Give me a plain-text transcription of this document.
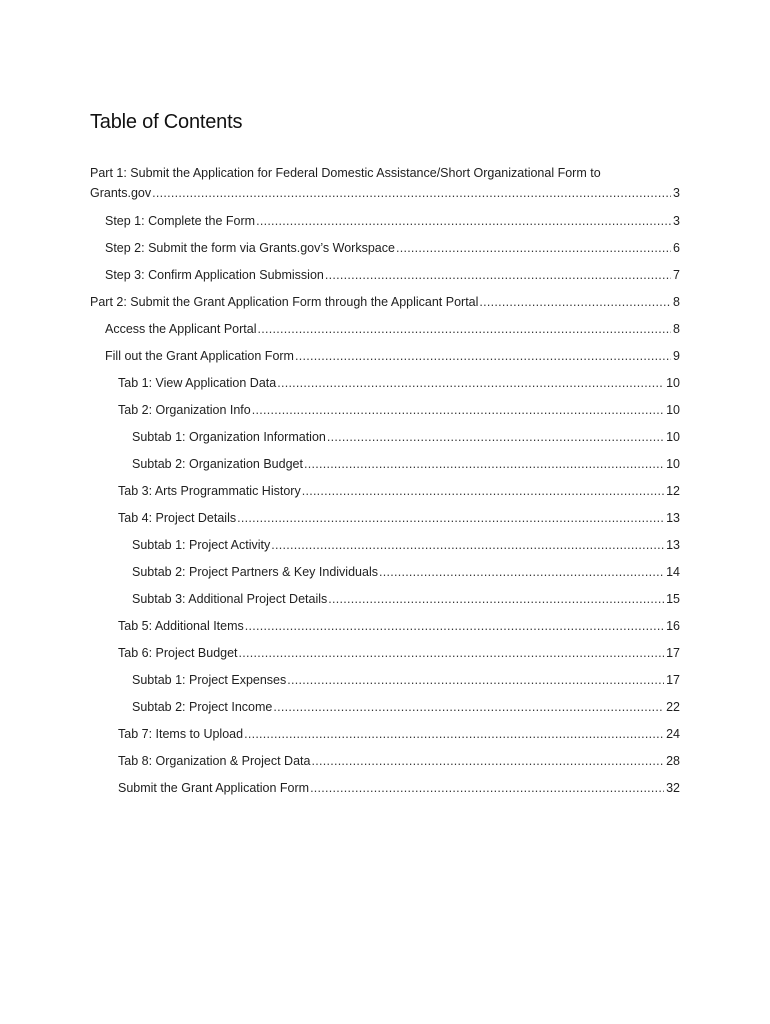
Table of Contents
Part 1: Submit the Application for Federal Domestic Assistance/Short Organizational Form to
Grants.gov . . .	3
Step 1: Complete the Form . . .	3
Step 2: Submit the form via Grants.gov’s Workspace . . .	6
Step 3: Confirm Application Submission . . .	7
Part 2: Submit the Grant Application Form through the Applicant Portal . . .	8
Access the Applicant Portal . . .	8
Fill out the Grant Application Form . . .	9
Tab 1: View Application Data . . .	10
Tab 2: Organization Info . . .	10
Subtab 1: Organization Information . . .	10
Subtab 2: Organization Budget . . .	10
Tab 3: Arts Programmatic History . . .	12
Tab 4: Project Details . . .	13
Subtab 1: Project Activity . . .	13
Subtab 2: Project Partners & Key Individuals . . .	14
Subtab 3: Additional Project Details . . .	15
Tab 5: Additional Items . . .	16
Tab 6: Project Budget . . .	17
Subtab 1: Project Expenses . . .	17
Subtab 2: Project Income . . .	22
Tab 7: Items to Upload . . .	24
Tab 8: Organization & Project Data . . .	28
Submit the Grant Application Form . . .	32
